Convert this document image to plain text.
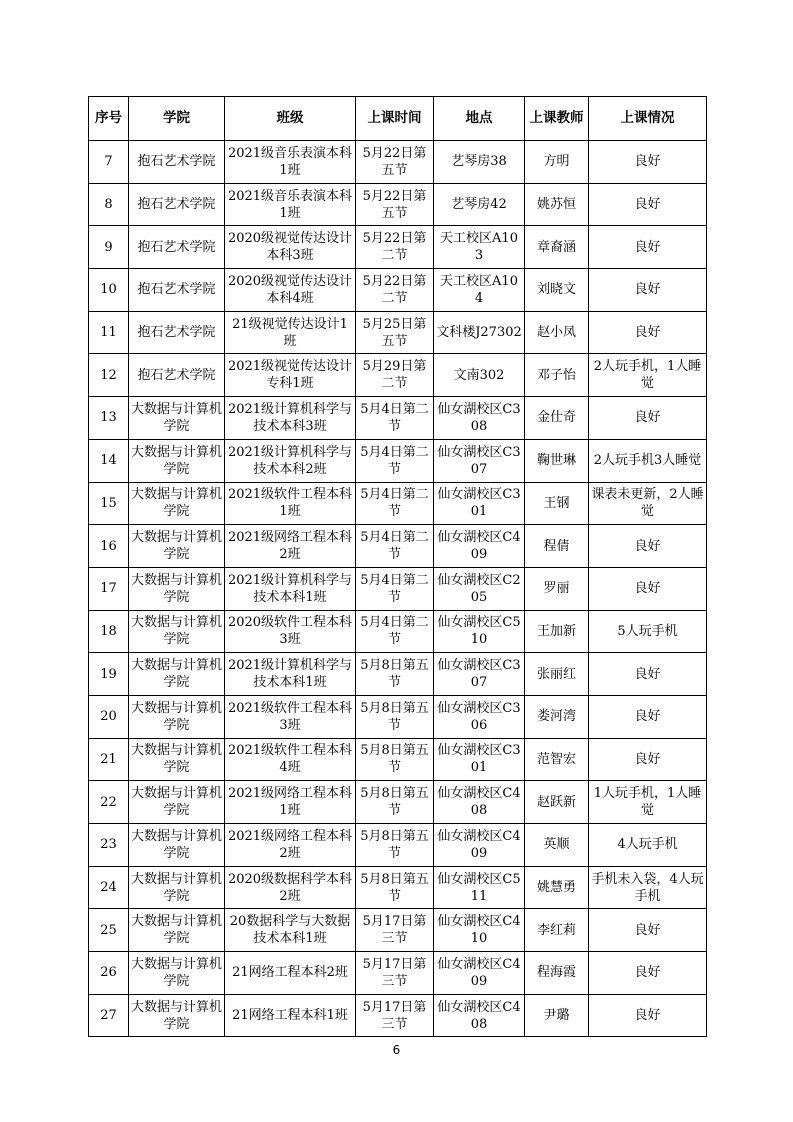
序号	学院	班级	上课时间	地点	上课教师	上课情况
7	抱石艺术学院	2021级音乐表演本科1班	5月22日第五节	艺琴房38	方明	良好
8	抱石艺术学院	2021级音乐表演本科1班	5月22日第五节	艺琴房42	姚苏恒	良好
9	抱石艺术学院	2020级视觉传达设计本科3班	5月22日第二节	天工校区A103	章裔涵	良好
10	抱石艺术学院	2020级视觉传达设计本科4班	5月22日第二节	天工校区A104	刘晓文	良好
11	抱石艺术学院	21级视觉传达设计1班	5月25日第五节	文科楼J27302	赵小凤	良好
12	抱石艺术学院	2021级视觉传达设计专科1班	5月29日第二节	文南302	邓子怡	2人玩手机，1人睡觉
13	大数据与计算机学院	2021级计算机科学与技术本科3班	5月4日第二节	仙女湖校区C308	金仕奇	良好
14	大数据与计算机学院	2021级计算机科学与技术本科2班	5月4日第二节	仙女湖校区C307	鞠世琳	2人玩手机3人睡觉
15	大数据与计算机学院	2021级软件工程本科1班	5月4日第二节	仙女湖校区C301	王钢	课表未更新，2人睡觉
16	大数据与计算机学院	2021级网络工程本科2班	5月4日第二节	仙女湖校区C409	程倩	良好
17	大数据与计算机学院	2021级计算机科学与技术本科1班	5月4日第二节	仙女湖校区C205	罗丽	良好
18	大数据与计算机学院	2020级软件工程本科3班	5月4日第二节	仙女湖校区C510	王加新	5人玩手机
19	大数据与计算机学院	2021级计算机科学与技术本科1班	5月8日第五节	仙女湖校区C307	张丽红	良好
20	大数据与计算机学院	2021级软件工程本科3班	5月8日第五节	仙女湖校区C306	娄河湾	良好
21	大数据与计算机学院	2021级软件工程本科4班	5月8日第五节	仙女湖校区C301	范智宏	良好
22	大数据与计算机学院	2021级网络工程本科1班	5月8日第五节	仙女湖校区C408	赵跃新	1人玩手机，1人睡觉
23	大数据与计算机学院	2021级网络工程本科2班	5月8日第五节	仙女湖校区C409	英顺	4人玩手机
24	大数据与计算机学院	2020级数据科学本科2班	5月8日第五节	仙女湖校区C511	姚慧勇	手机未入袋，4人玩手机
25	大数据与计算机学院	20数据科学与大数据技术本科1班	5月17日第三节	仙女湖校区C410	李红莉	良好
26	大数据与计算机学院	21网络工程本科2班	5月17日第三节	仙女湖校区C409	程海霞	良好
27	大数据与计算机学院	21网络工程本科1班	5月17日第三节	仙女湖校区C408	尹璐	良好
6
